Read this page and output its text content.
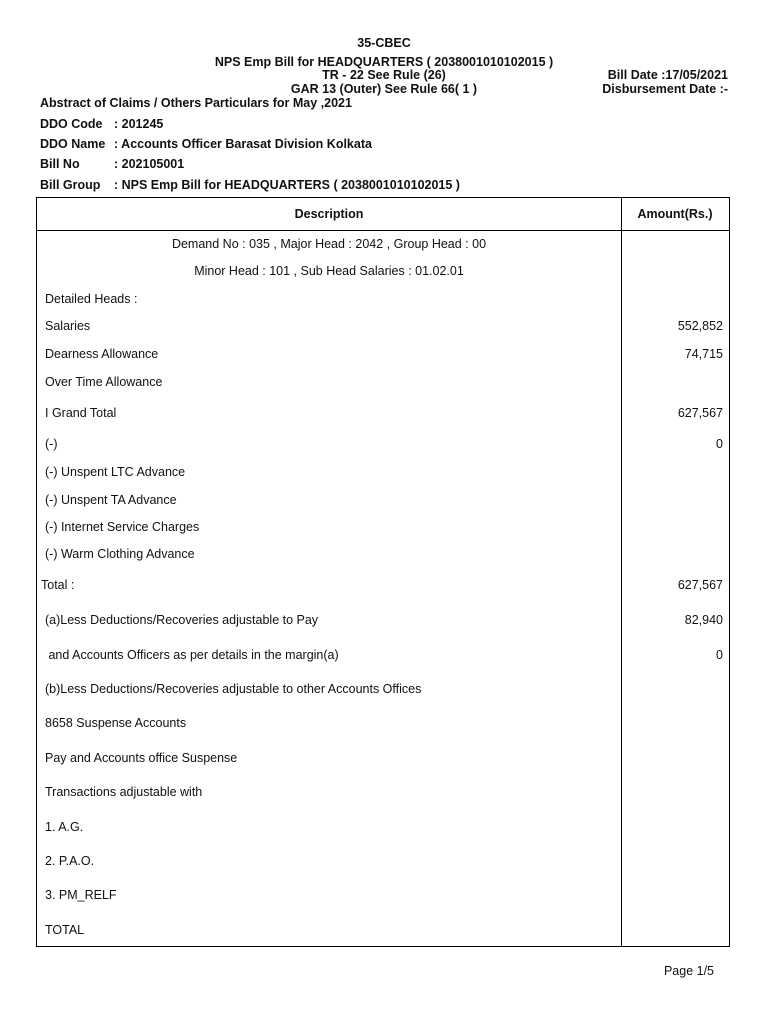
35-CBEC
NPS Emp Bill for HEADQUARTERS ( 2038001010102015 )
TR - 22 See Rule (26)
GAR 13 (Outer) See Rule 66( 1 )
Bill Date :17/05/2021
Disbursement Date :-
Abstract of Claims / Others Particulars for May ,2021
DDO Code : 201245
DDO Name : Accounts Officer Barasat Division Kolkata
Bill No	: 202105001
Bill Group : NPS Emp Bill for HEADQUARTERS ( 2038001010102015 )
Description	Amount(Rs.)
Demand No : 035 , Major Head : 2042 , Group Head : 00
Minor Head : 101 , Sub Head Salaries : 01.02.01
Detailed Heads :
Salaries	552,852
Dearness Allowance	74,715
Over Time Allowance
I Grand Total	627,567
(-)	0
(-) Unspent LTC Advance
(-) Unspent TA Advance
(-) Internet Service Charges
(-) Warm Clothing Advance
Total :	627,567
(a)Less Deductions/Recoveries adjustable to Pay	82,940
and Accounts Officers as per details in the margin(a)	0
(b)Less Deductions/Recoveries adjustable to other Accounts Offices
8658 Suspense Accounts
Pay and Accounts office Suspense
Transactions adjustable with
1. A.G.
2. P.A.O.
3. PM_RELF
TOTAL
Page 1/5
